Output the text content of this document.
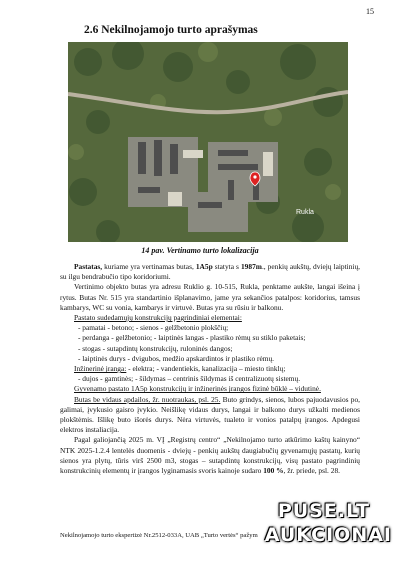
15
2.6 Nekilnojamojo turto aprašymas
Rukla
14 pav. Vertinamo turto lokalizacija

Pastatas, kuriame yra vertinamas butas, 1A5p statyta s 1987m., penkių aukštų, dviejų laiptinių, su ilgu bendrabučio tipo koridoriumi.

Vertinimo objekto butas yra adresu Ruklio g. 10-515, Rukla, penktame aukšte, langai išeina į rytus. Butas Nr. 515 yra standartinio išplanavimo, jame yra sekančios patalpos: koridorius, tamsus kambarys, WC su vonia, kambarys ir virtuvė. Butas yra su rūsiu ir balkonu.

Pastato sudedamųjų konstrukcijų pagrindiniai elementai:

- pamatai - betono; - sienos - gelžbetonio plokščių;

- perdanga - gelžbetonio; - laiptinės langas - plastiko rėmų su stiklo paketais;

- stogas - sutapdintų konstrukcijų, ruloninės dangos;

- laiptinės durys - dvigubos, medžio apskardintos ir plastiko rėmų.

Inžinerinė įranga: - elektra; - vandentiekis, kanalizacija – miesto tinklų;

- dujos - gamtinės; - šildymas – centrinis šildymas iš centralizuotų sistemų.

Gyvenamo pastato 1A5p konstrukcijų ir inžinerinės įrangos fizinė būklė – vidutinė.

Butas be vidaus apdailos, žr. nuotraukas, psl. 25. Buto grindys, sienos, lubos pajuodavusios po, galimai, įvykusio gaisro įvykio. Neišlikę vidaus durys, langai ir balkono durys užkalti medienos plokštėmis. Išlikę buto išorės durys. Nėra virtuvės, tualeto ir vonios patalpų įrangos. Apdegusi elektros instaliacija.

Pagal galiojančią 2025 m. VĮ „Registrų centro“ „Nekilnojamo turto atkūrimo kaštų kainyno“ NTK 2025-1.2.4 lentelės duomenis - dviejų - penkių aukštų daugiabučių gyvenamųjų pastatų, kurių sienos yra plytų, tūris virš 2500 m3, stogas – sutapdintų konstrukcijų, visų pastato pagrindinių konstrukcinių elementų ir įrangos lyginamasis svoris kainoje sudaro 100 %, žr. priede, psl. 28.

Nekilnojamojo turto ekspertizė Nr.2512-033A, UAB „Turto vertės“ pažym
PUSE.LT
AUKCIONAI
